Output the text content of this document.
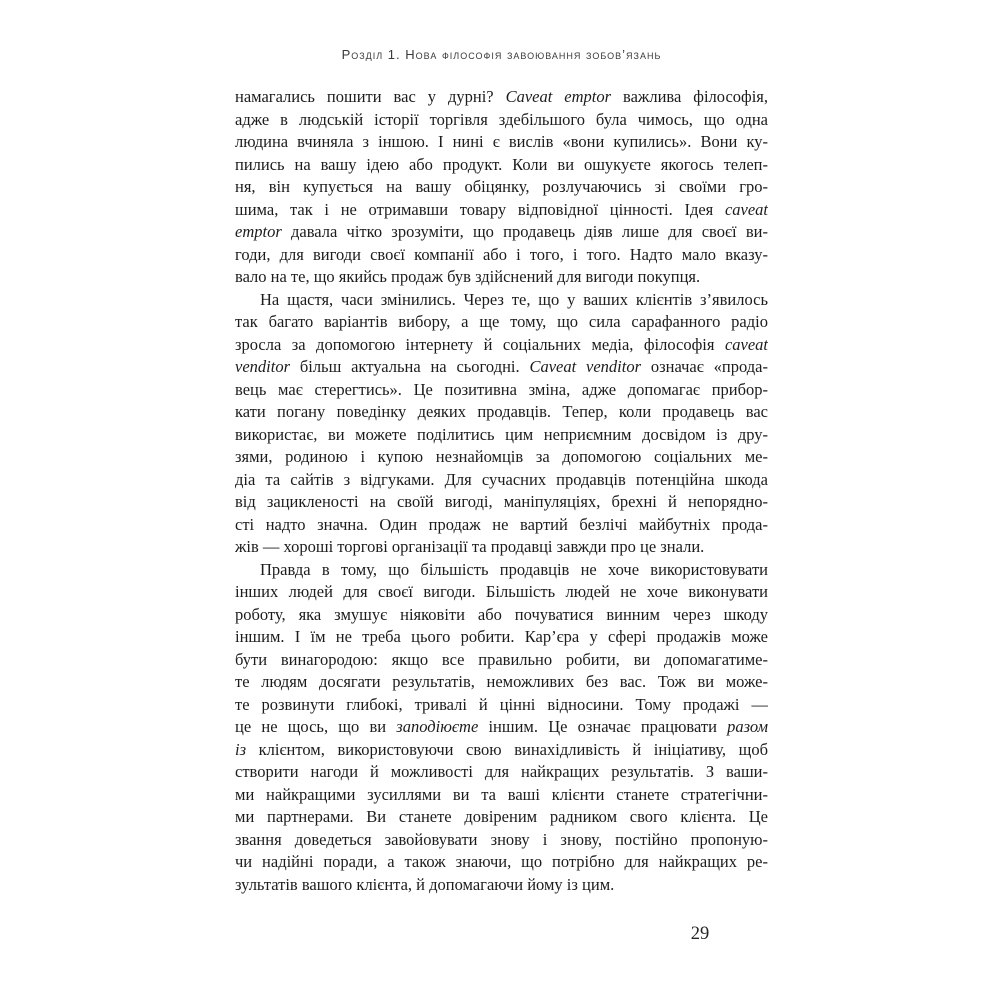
Розділ 1. Нова філософія завоювання зобов’язань
намагались пошити вас у дурні? Caveat emptor важлива філософія,
адже в людській історії торгівля здебільшого була чимось, що одна
людина вчиняла з іншою. І нині є вислів «вони купились». Вони ку-
пились на вашу ідею або продукт. Коли ви ошукуєте якогось телеп-
ня, він купується на вашу обіцянку, розлучаючись зі своїми гро-
шима, так і не отримавши товару відповідної цінності. Ідея caveat
emptor давала чітко зрозуміти, що продавець діяв лише для своєї ви-
годи, для вигоди своєї компанії або і того, і того. Надто мало вказу-
вало на те, що якийсь продаж був здійснений для вигоди покупця.
На щастя, часи змінились. Через те, що у ваших клієнтів з’явилось
так багато варіантів вибору, а ще тому, що сила сарафанного радіо
зросла за допомогою інтернету й соціальних медіа, філософія caveat
venditor більш актуальна на сьогодні. Caveat venditor означає «прода-
вець має стерегтись». Це позитивна зміна, адже допомагає прибор-
кати погану поведінку деяких продавців. Тепер, коли продавець вас
використає, ви можете поділитись цим неприємним досвідом із дру-
зями, родиною і купою незнайомців за допомогою соціальних ме-
діа та сайтів з відгуками. Для сучасних продавців потенційна шкода
від зацикленості на своїй вигоді, маніпуляціях, брехні й непорядно-
сті надто значна. Один продаж не вартий безлічі майбутніх прода-
жів — хороші торгові організації та продавці завжди про це знали.
Правда в тому, що більшість продавців не хоче використовувати
інших людей для своєї вигоди. Більшість людей не хоче виконувати
роботу, яка змушує ніяковіти або почуватися винним через шкоду
іншим. І їм не треба цього робити. Кар’єра у сфері продажів може
бути винагородою: якщо все правильно робити, ви допомагатиме-
те людям досягати результатів, неможливих без вас. Тож ви може-
те розвинути глибокі, тривалі й цінні відносини. Тому продажі —
це не щось, що ви заподіюєте іншим. Це означає працювати разом
із клієнтом, використовуючи свою винахідливість й ініціативу, щоб
створити нагоди й можливості для найкращих результатів. З ваши-
ми найкращими зусиллями ви та ваші клієнти станете стратегічни-
ми партнерами. Ви станете довіреним радником свого клієнта. Це
звання доведеться завойовувати знову і знову, постійно пропоную-
чи надійні поради, а також знаючи, що потрібно для найкращих ре-
зультатів вашого клієнта, й допомагаючи йому із цим.
29
